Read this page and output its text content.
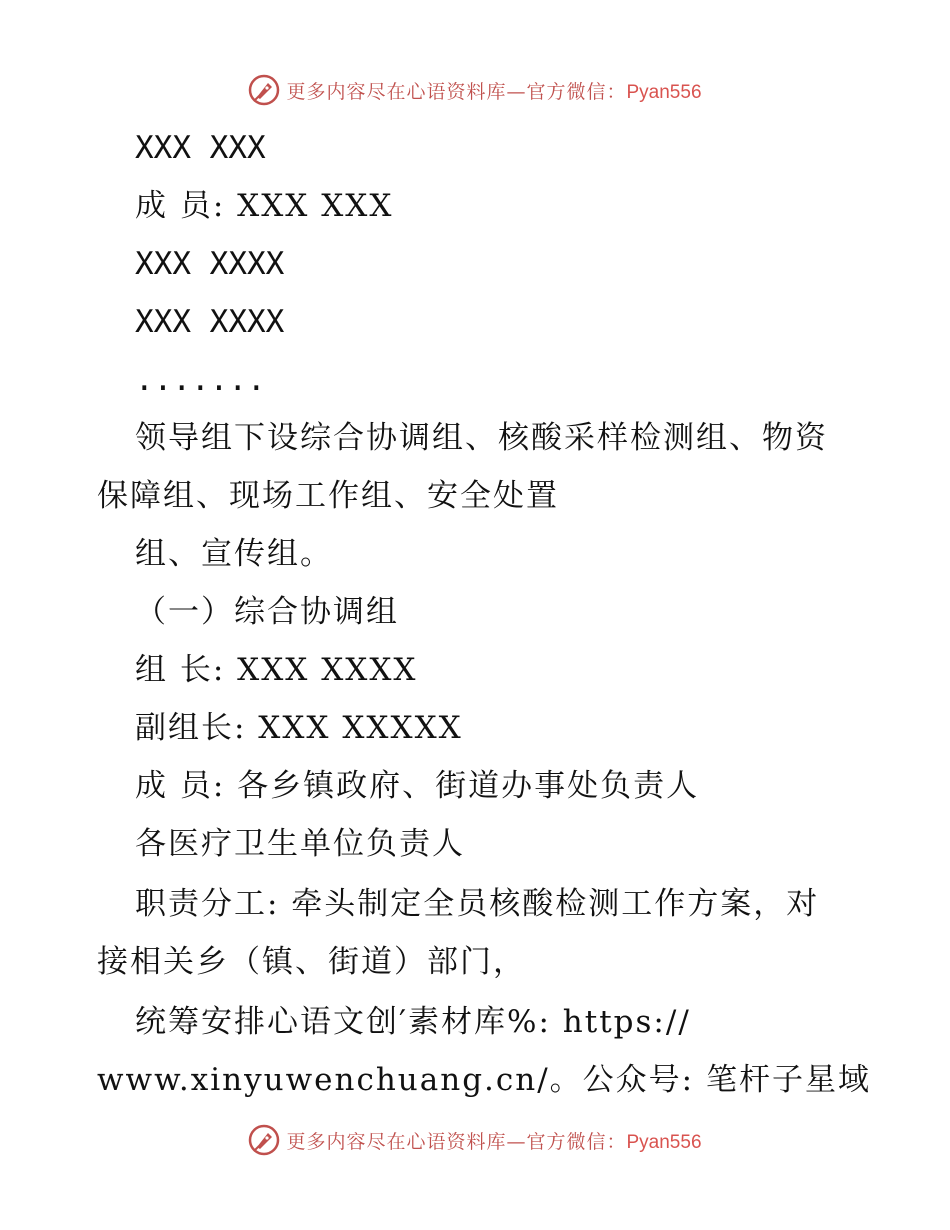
更多内容尽在心语资料库—官方微信：Pyan556
XXX XXX
成 员: XXX XXX
XXX XXXX
XXX XXXX
.......
领导组下设综合协调组、核酸采样检测组、物资
保障组、现场工作组、安全处置
组、宣传组。
（一）综合协调组
组 长: XXX XXXX
副组长: XXX XXXXX
成 员: 各乡镇政府、街道办事处负责人
各医疗卫生单位负责人
职责分工: 牵头制定全员核酸检测工作方案，对
接相关乡（镇、街道）部门，
统筹安排心语文创′素材库%: https://
www.xinyuwenchuang.cn/。公众号: 笔杆子星域
更多内容尽在心语资料库—官方微信：Pyan556
